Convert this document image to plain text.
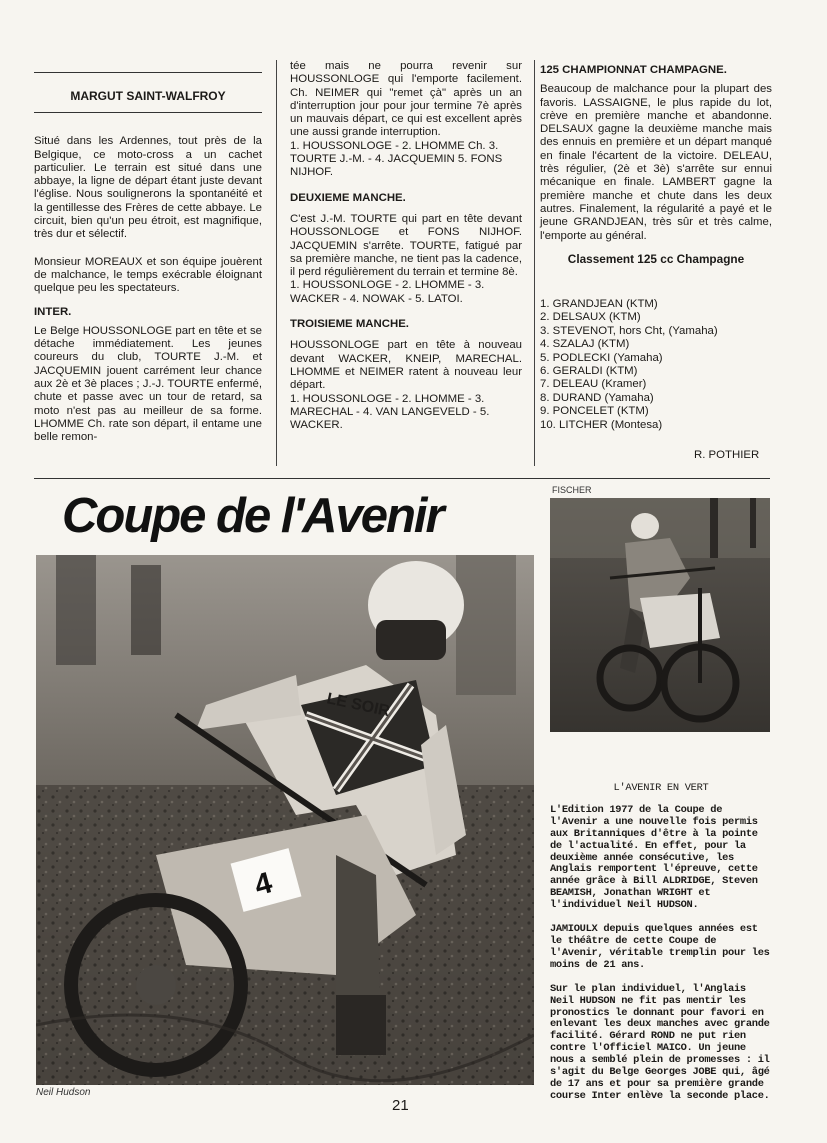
MARGUT SAINT-WALFROY

Situé dans les Ardennes, tout près de la Belgique, ce moto-cross a un cachet particulier. Le terrain est situé dans une abbaye, la ligne de départ étant juste devant l'église. Nous soulignerons la spontanéité et la gentillesse des Frères de cette abbaye. Le circuit, bien qu'un peu étroit, est magnifique, très dur et sélectif.

Monsieur MOREAUX et son équipe jouèrent de malchance, le temps exécrable éloignant quelque peu les spectateurs.

INTER.

Le Belge HOUSSONLOGE part en tête et se détache immédiatement. Les jeunes coureurs du club, TOURTE J.-M. et JACQUEMIN jouent carrément leur chance aux 2è et 3è places ; J.-J. TOURTE enfermé, chute et passe avec un tour de retard, sa moto n'est pas au meilleur de sa forme. LHOMME Ch. rate son départ, il entame une belle remon-

tée mais ne pourra revenir sur HOUSSONLOGE qui l'emporte facilement. Ch. NEIMER qui "remet çà" après un an d'interruption jour pour jour termine 7è après un mauvais départ, ce qui est excellent après une aussi grande interruption.

1. HOUSSONLOGE - 2. LHOMME Ch. 3. TOURTE J.-M. - 4. JACQUEMIN 5. FONS NIJHOF.

DEUXIEME MANCHE.

C'est J.-M. TOURTE qui part en tête devant HOUSSONLOGE et FONS NIJHOF. JACQUEMIN s'arrête. TOURTE, fatigué par sa première manche, ne tient pas la cadence, il perd régulièrement du terrain et termine 8è.

1. HOUSSONLOGE - 2. LHOMME - 3. WACKER - 4. NOWAK - 5. LATOI.

TROISIEME MANCHE.

HOUSSONLOGE part en tête à nouveau devant WACKER, KNEIP, MARECHAL. LHOMME et NEIMER ratent à nouveau leur départ.

1. HOUSSONLOGE - 2. LHOMME - 3. MARECHAL - 4. VAN LANGEVELD - 5. WACKER.

125 CHAMPIONNAT CHAMPAGNE.

Beaucoup de malchance pour la plupart des favoris. LASSAIGNE, le plus rapide du lot, crève en première manche et abandonne. DELSAUX gagne la deuxième manche mais des ennuis en première et un départ manqué en finale l'écartent de la victoire. DELEAU, très régulier, (2è et 3è) s'arrête sur ennui mécanique en finale. LAMBERT gagne la première manche et chute dans les deux autres. Finalement, la régularité a payé et le jeune GRANDJEAN, très sûr et très calme, l'emporte au général.

Classement 125 cc Champagne
1. GRANDJEAN (KTM)
2. DELSAUX (KTM)
3. STEVENOT, hors Cht, (Yamaha)
4. SZALAJ (KTM)
5. PODLECKI (Yamaha)
6. GERALDI (KTM)
7. DELEAU (Kramer)
8. DURAND (Yamaha)
9. PONCELET (KTM)
10. LITCHER (Montesa)
R. POTHIER
Coupe de l'Avenir
LE SOIR
4
Neil Hudson
FISCHER
L'AVENIR EN VERT

L'Edition 1977 de la Coupe de l'Avenir a une nouvelle fois permis aux Britanniques d'être à la pointe de l'actualité. En effet, pour la deuxième année consécutive, les Anglais remportent l'épreuve, cette année grâce à Bill ALDRIDGE, Steven BEAMISH, Jonathan WRIGHT et l'individuel Neil HUDSON.

JAMIOULX depuis quelques années est le théâtre de cette Coupe de l'Avenir, véritable tremplin pour les moins de 21 ans.

Sur le plan individuel, l'Anglais Neil HUDSON ne fit pas mentir les pronostics le donnant pour favori en enlevant les deux manches avec grande facilité. Gérard ROND ne put rien contre l'Officiel MAICO. Un jeune nous a semblé plein de promesses : il s'agit du Belge Georges JOBE qui, âgé de 17 ans et pour sa première grande course Inter enlève la seconde place.

21
